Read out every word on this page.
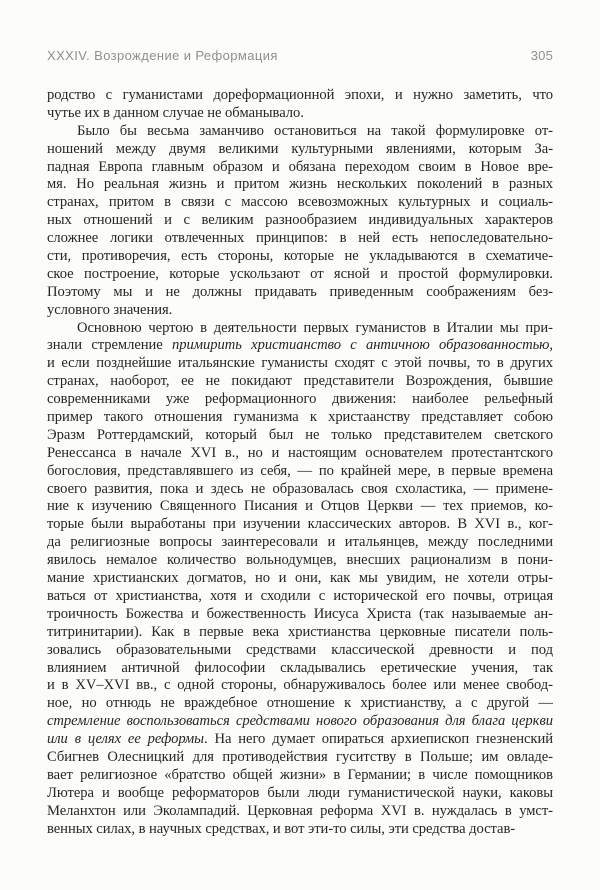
XXXIV. Возрождение и Реформация	305
родство с гуманистами дореформационной эпохи, и нужно заметить, что
чутье их в данном случае не обманывало.
Было бы весьма заманчиво остановиться на такой формулировке от-
ношений между двумя великими культурными явлениями, которым За-
падная Европа главным образом и обязана переходом своим в Новое вре-
мя. Но реальная жизнь и притом жизнь нескольких поколений в разных
странах, притом в связи с массою всевозможных культурных и социаль-
ных отношений и с великим разнообразием индивидуальных характеров
сложнее логики отвлеченных принципов: в ней есть непоследовательно-
сти, противоречия, есть стороны, которые не укладываются в схематиче-
ское построение, которые ускользают от ясной и простой формулировки.
Поэтому мы и не должны придавать приведенным соображениям без-
условного значения.
Основною чертою в деятельности первых гуманистов в Италии мы при-
знали стремление примирить христианство с античною образованностью,
и если позднейшие итальянские гуманисты сходят с этой почвы, то в других
странах, наоборот, ее не покидают представители Возрождения, бывшие
современниками уже реформационного движения: наиболее рельефный
пример такого отношения гуманизма к христаанству представляет собою
Эразм Роттердамский, который был не только представителем светского
Ренессанса в начале XVI в., но и настоящим основателем протестантского
богословия, представлявшего из себя, — по крайней мере, в первые времена
своего развития, пока и здесь не образовалась своя схоластика, — примене-
ние к изучению Священного Писания и Отцов Церкви — тех приемов, ко-
торые были выработаны при изучении классических авторов. В XVI в., ког-
да религиозные вопросы заинтересовали и итальянцев, между последними
явилось немалое количество вольнодумцев, внесших рационализм в пони-
мание христианских догматов, но и они, как мы увидим, не хотели отры-
ваться от христианства, хотя и сходили с исторической его почвы, отрицая
троичность Божества и божественность Иисуса Христа (так называемые ан-
титринитарии). Как в первые века христианства церковные писатели поль-
зовались образовательными средствами классической древности и под
влиянием античной философии складывались еретические учения, так
и в XV–XVI вв., с одной стороны, обнаруживалось более или менее свобод-
ное, но отнюдь не враждебное отношение к христианству, а с другой —
стремление воспользоваться средствами нового образования для блага церкви
или в целях ее реформы. На него думает опираться архиепископ гнезненский
Сбигнев Олесницкий для противодействия гуситству в Польше; им овладе-
вает религиозное «братство общей жизни» в Германии; в числе помощников
Лютера и вообще реформаторов были люди гуманистической науки, каковы
Меланхтон или Эколампадий. Церковная реформа XVI в. нуждалась в умст-
венных силах, в научных средствах, и вот эти-то силы, эти средства достав-
